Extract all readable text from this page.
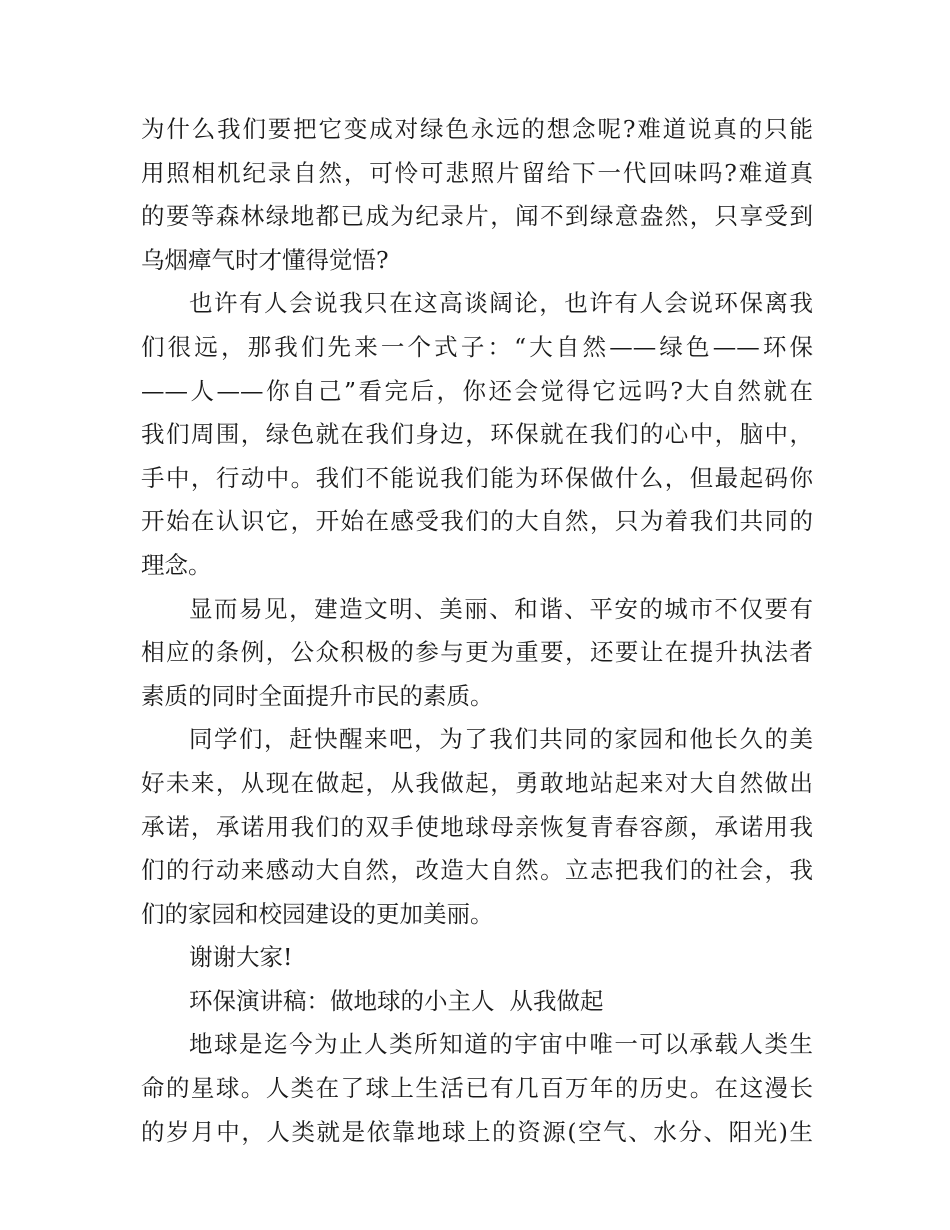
为什么我们要把它变成对绿色永远的想念呢?难道说真的只能
用照相机纪录自然，可怜可悲照片留给下一代回味吗?难道真
的要等森林绿地都已成为纪录片，闻不到绿意盎然，只享受到
乌烟瘴气时才懂得觉悟?
也许有人会说我只在这高谈阔论，也许有人会说环保离我
们很远，那我们先来一个式子：“大自然——绿色——环保
——人——你自己”看完后，你还会觉得它远吗?大自然就在
我们周围，绿色就在我们身边，环保就在我们的心中，脑中，
手中，行动中。我们不能说我们能为环保做什么，但最起码你
开始在认识它，开始在感受我们的大自然，只为着我们共同的
理念。
显而易见，建造文明、美丽、和谐、平安的城市不仅要有
相应的条例，公众积极的参与更为重要，还要让在提升执法者
素质的同时全面提升市民的素质。
同学们，赶快醒来吧，为了我们共同的家园和他长久的美
好未来，从现在做起，从我做起，勇敢地站起来对大自然做出
承诺，承诺用我们的双手使地球母亲恢复青春容颜，承诺用我
们的行动来感动大自然，改造大自然。立志把我们的社会，我
们的家园和校园建设的更加美丽。
谢谢大家!
环保演讲稿：做地球的小主人  从我做起
地球是迄今为止人类所知道的宇宙中唯一可以承载人类生
命的星球。人类在了球上生活已有几百万年的历史。在这漫长
的岁月中，人类就是依靠地球上的资源(空气、水分、阳光)生
